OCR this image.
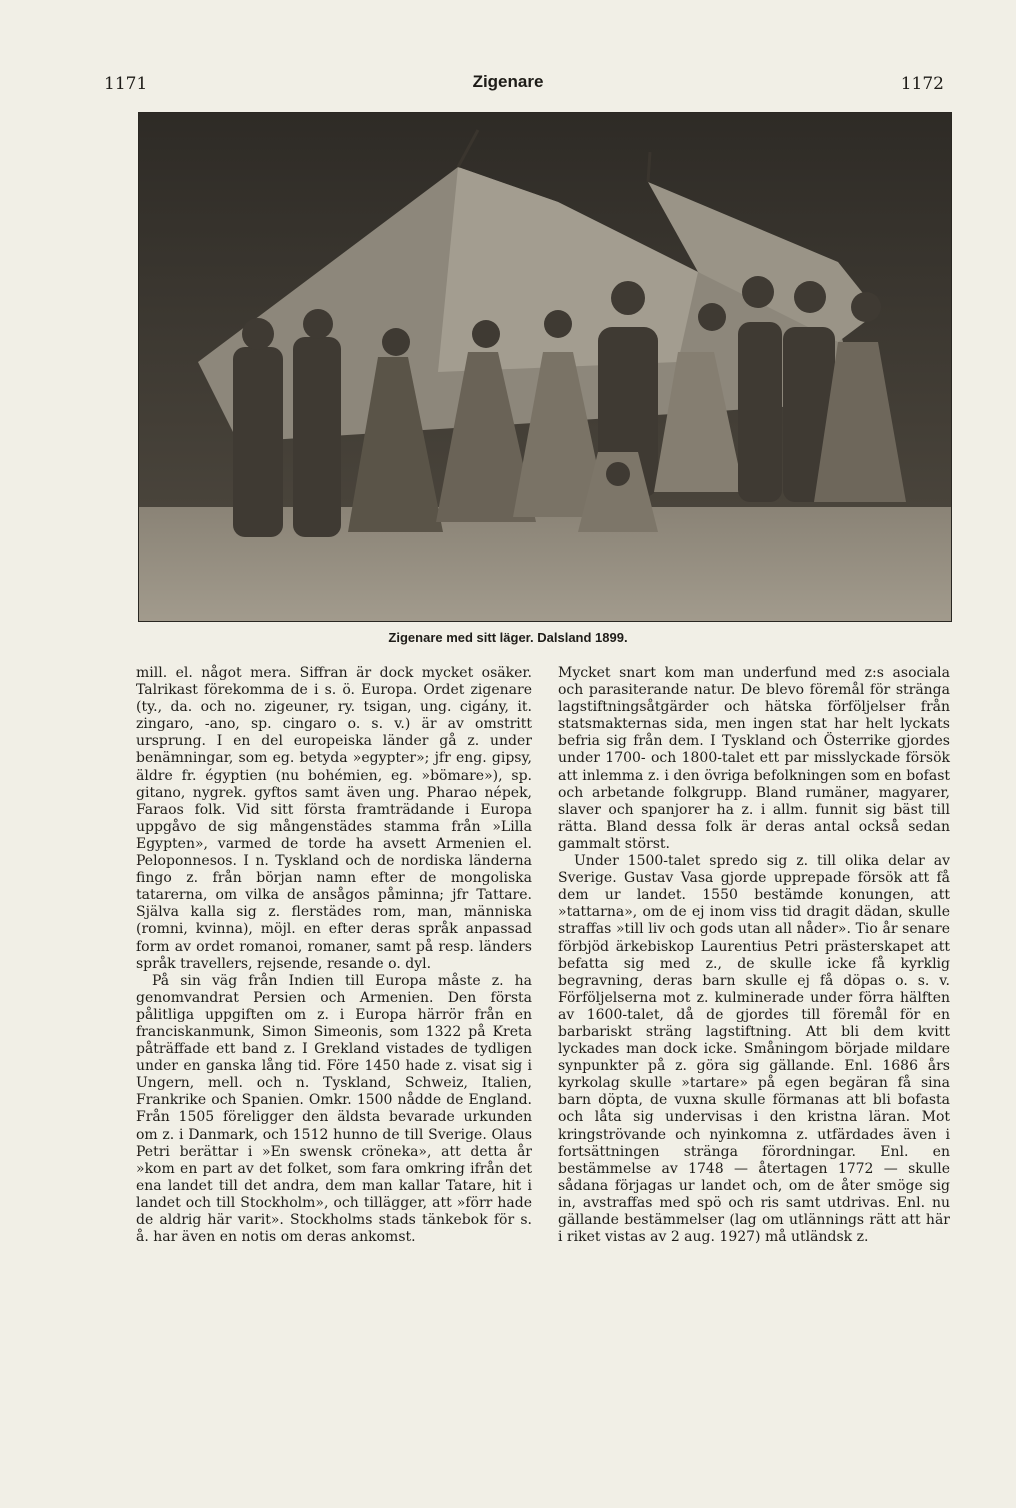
1171	Zigenare	1172
Zigenare med sitt läger. Dalsland 1899.

mill. el. något mera. Siffran är dock mycket osäker. Talrikast förekomma de i s. ö. Europa. Ordet zigenare (ty., da. och no. zigeuner, ry. tsigan, ung. cigány, it. zingaro, -ano, sp. cingaro o. s. v.) är av omstritt ursprung. I en del europeiska länder gå z. under benämningar, som eg. betyda »egypter»; jfr eng. gipsy, äldre fr. égyptien (nu bohémien, eg. »bömare»), sp. gitano, nygrek. gyftos samt även ung. Pharao népek, Faraos folk. Vid sitt första framträdande i Europa uppgåvo de sig mångenstädes stamma från »Lilla Egypten», varmed de torde ha avsett Armenien el. Peloponnesos. I n. Tyskland och de nordiska länderna fingo z. från början namn efter de mongoliska tatarerna, om vilka de ansågos påminna; jfr Tattare. Själva kalla sig z. flerstädes rom, man, människa (romni, kvinna), möjl. en efter deras språk anpassad form av ordet romanoi, romaner, samt på resp. länders språk travellers, rejsende, resande o. dyl.

På sin väg från Indien till Europa måste z. ha genomvandrat Persien och Armenien. Den första pålitliga uppgiften om z. i Europa härrör från en franciskanmunk, Simon Simeonis, som 1322 på Kreta påträffade ett band z. I Grekland vistades de tydligen under en ganska lång tid. Före 1450 hade z. visat sig i Ungern, mell. och n. Tyskland, Schweiz, Italien, Frankrike och Spanien. Omkr. 1500 nådde de England. Från 1505 föreligger den äldsta bevarade urkunden om z. i Danmark, och 1512 hunno de till Sverige. Olaus Petri berättar i »En swensk cröneka», att detta år »kom en part av det folket, som fara omkring ifrån det ena landet till det andra, dem man kallar Tatare, hit i landet och till Stockholm», och tillägger, att »förr hade de aldrig här varit». Stockholms stads tänkebok för s. å. har även en notis om deras ankomst.

Mycket snart kom man underfund med z:s asociala och parasiterande natur. De blevo föremål för stränga lagstiftningsåtgärder och hätska förföljelser från statsmakternas sida, men ingen stat har helt lyckats befria sig från dem. I Tyskland och Österrike gjordes under 1700- och 1800-talet ett par misslyckade försök att inlemma z. i den övriga befolkningen som en bofast och arbetande folkgrupp. Bland rumäner, magyarer, slaver och spanjorer ha z. i allm. funnit sig bäst till rätta. Bland dessa folk är deras antal också sedan gammalt störst.

Under 1500-talet spredo sig z. till olika delar av Sverige. Gustav Vasa gjorde upprepade försök att få dem ur landet. 1550 bestämde konungen, att »tattarna», om de ej inom viss tid dragit dädan, skulle straffas »till liv och gods utan all nåder». Tio år senare förbjöd ärkebiskop Laurentius Petri prästerskapet att befatta sig med z., de skulle icke få kyrklig begravning, deras barn skulle ej få döpas o. s. v. Förföljelserna mot z. kulminerade under förra hälften av 1600-talet, då de gjordes till föremål för en barbariskt sträng lagstiftning. Att bli dem kvitt lyckades man dock icke. Småningom började mildare synpunkter på z. göra sig gällande. Enl. 1686 års kyrkolag skulle »tartare» på egen begäran få sina barn döpta, de vuxna skulle förmanas att bli bofasta och låta sig undervisas i den kristna läran. Mot kringströvande och nyinkomna z. utfärdades även i fortsättningen stränga förordningar. Enl. en bestämmelse av 1748 — återtagen 1772 — skulle sådana förjagas ur landet och, om de åter smöge sig in, avstraffas med spö och ris samt utdrivas. Enl. nu gällande bestämmelser (lag om utlännings rätt att här i riket vistas av 2 aug. 1927) må utländsk z.
